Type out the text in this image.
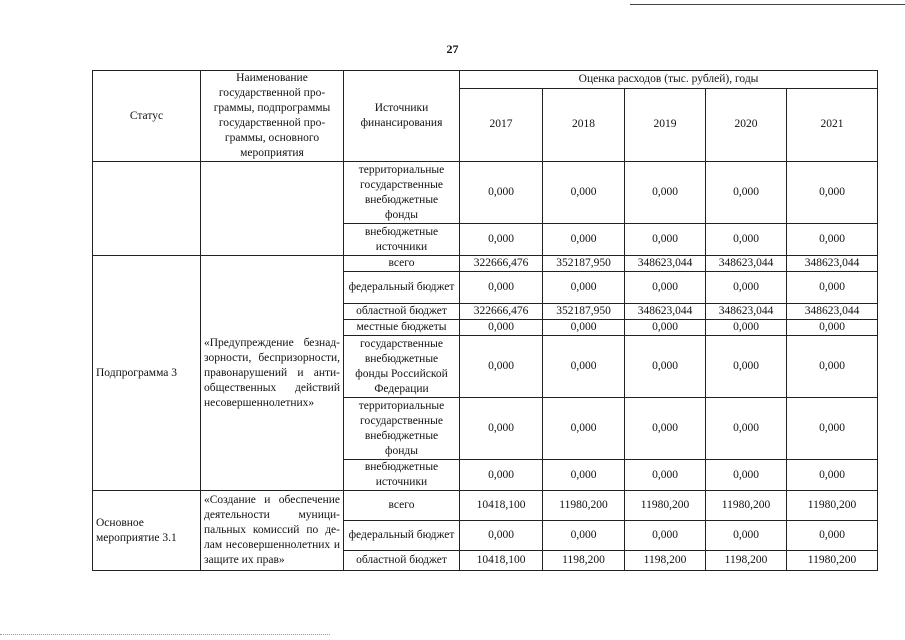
27
Статус	Наименование государственной про-граммы, подпрограммы государственной про-граммы, основного мероприятия	Источники финансирования	Оценка расходов (тыс. рублей), годы				
			2017	2018	2019	2020	2021
		территориальные государственные внебюджетные фонды	0,000	0,000	0,000	0,000	0,000
		внебюджетные источники	0,000	0,000	0,000	0,000	0,000
Подпрограмма 3	«Предупреждение безнад-зорности, беспризорности, правонарушений и анти-общественных действий несовершеннолетних»	всего	322666,476	352187,950	348623,044	348623,044	348623,044
		федеральный бюджет	0,000	0,000	0,000	0,000	0,000
		областной бюджет	322666,476	352187,950	348623,044	348623,044	348623,044
		местные бюджеты	0,000	0,000	0,000	0,000	0,000
		государственные внебюджетные фонды Российской Федерации	0,000	0,000	0,000	0,000	0,000
		территориальные государственные внебюджетные фонды	0,000	0,000	0,000	0,000	0,000
		внебюджетные источники	0,000	0,000	0,000	0,000	0,000
Основное мероприятие 3.1	«Создание и обеспечение деятельности муници-пальных комиссий по де-лам несовершеннолетних и защите их прав»	всего	10418,100	11980,200	11980,200	11980,200	11980,200
		федеральный бюджет	0,000	0,000	0,000	0,000	0,000
		областной бюджет	10418,100	1198,200	1198,200	1198,200	11980,200
